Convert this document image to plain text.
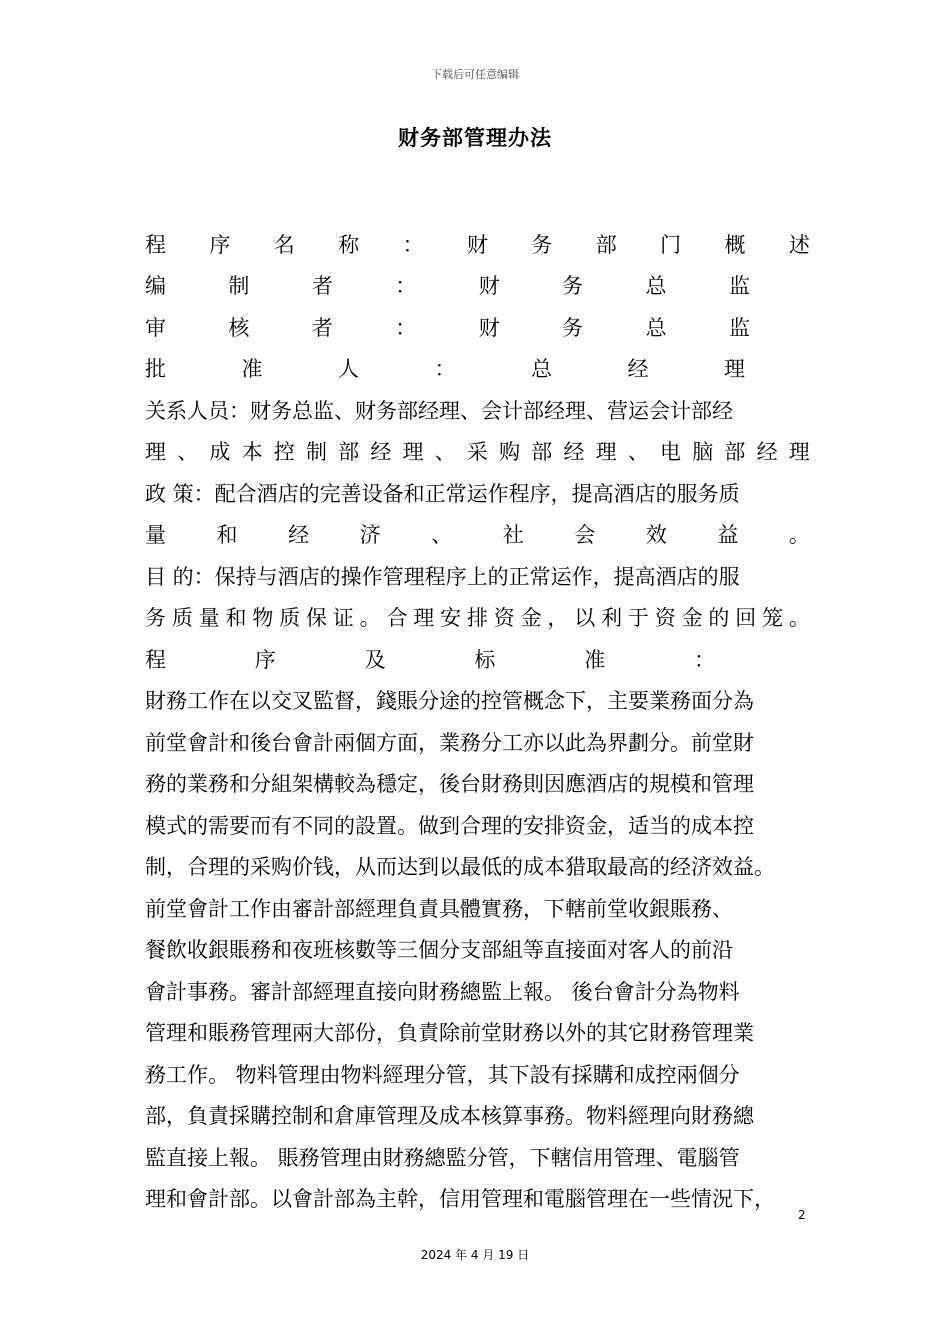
下载后可任意编辑
财务部管理办法
程 序 名 称 ： 财 务 部 门 概 述
编	制	者	：	财	务	总	监
审	核	者	：	财	务	总	监
批	准	人	：	总	经	理
关系人员：财务总监、财务部经理、会计部经理、营运会计部经
理 、 成 本 控 制 部 经 理 、 采 购 部 经 理 、 电 脑 部 经 理
政 策：配合酒店的完善设备和正常运作程序，提高酒店的服务质
量 和 经 济 、 社 会 效 益 。
目 的：保持与酒店的操作管理程序上的正常运作，提高酒店的服
务 质 量 和 物 质 保 证 。 合 理 安 排 资 金 ， 以 利 于 资 金 的 回 笼 。
程	序	及	标	准	：
財務工作在以交叉監督，錢賬分途的控管概念下，主要業務面分為
前堂會計和後台會計兩個方面，業務分工亦以此為界劃分。前堂財
務的業務和分組架構較為穩定，後台財務則因應酒店的規模和管理
模式的需要而有不同的設置。做到合理的安排资金，适当的成本控
制，合理的采购价钱，从而达到以最低的成本猎取最高的经济效益。
前堂會計工作由審計部經理負責具體實務，下轄前堂收銀賬務、
餐飲收銀賬務和夜班核數等三個分支部組等直接面对客人的前沿
會計事務。審計部經理直接向財務總監上報。 後台會計分為物料
管理和賬務管理兩大部份，負責除前堂財務以外的其它財務管理業
務工作。 物料管理由物料經理分管，其下設有採購和成控兩個分
部，負責採購控制和倉庫管理及成本核算事務。物料經理向財務總
監直接上報。 賬務管理由財務總監分管，下轄信用管理、電腦管
理和會計部。以會計部為主幹，信用管理和電腦管理在一些情況下，
2
2024 年 4 月 19 日
